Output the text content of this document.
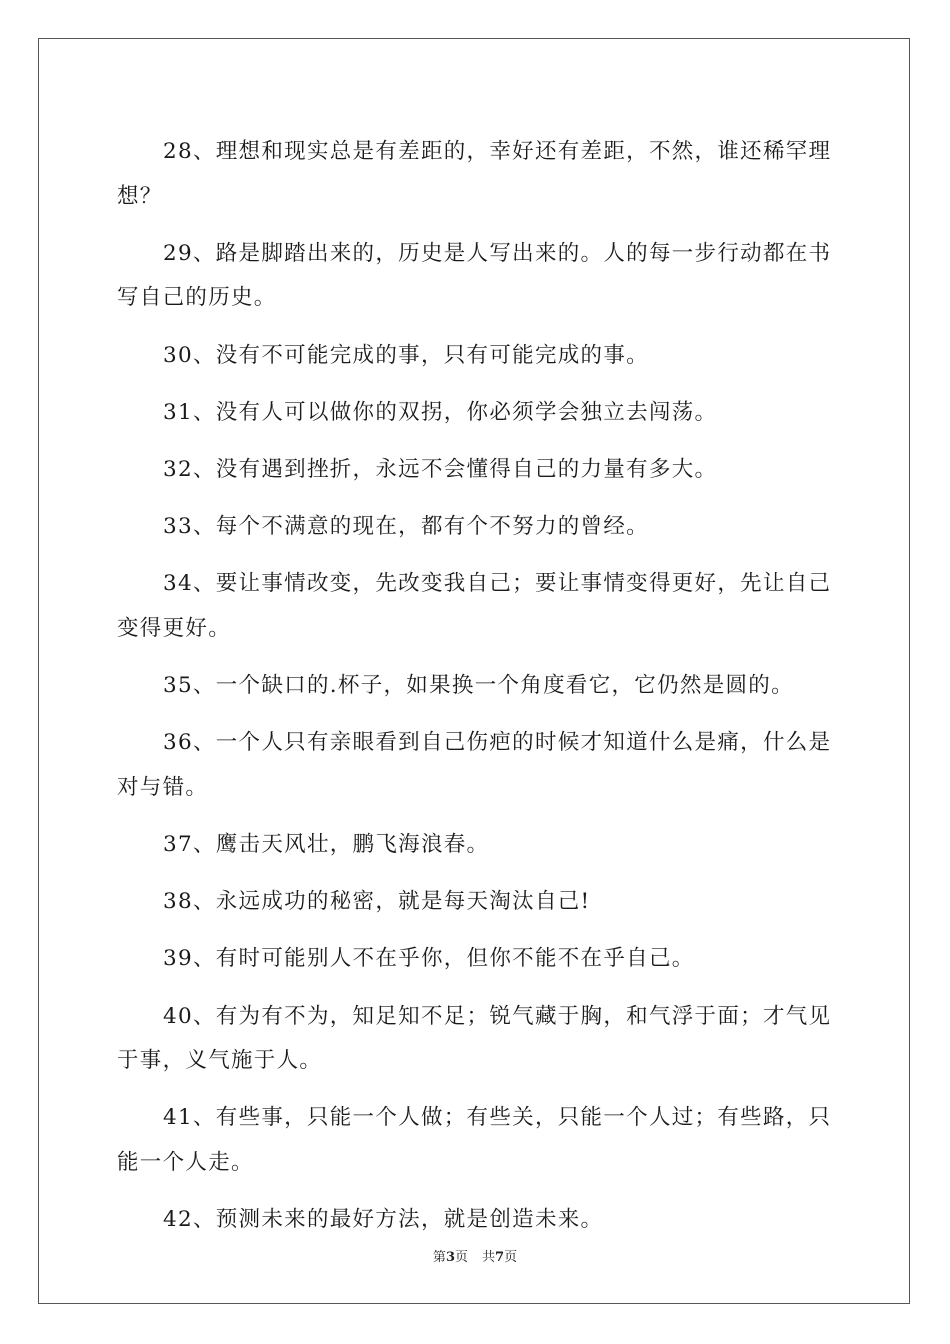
28、理想和现实总是有差距的，幸好还有差距，不然，谁还稀罕理想？

29、路是脚踏出来的，历史是人写出来的。人的每一步行动都在书写自己的历史。

30、没有不可能完成的事，只有可能完成的事。

31、没有人可以做你的双拐，你必须学会独立去闯荡。

32、没有遇到挫折，永远不会懂得自己的力量有多大。

33、每个不满意的现在，都有个不努力的曾经。

34、要让事情改变，先改变我自己；要让事情变得更好，先让自己变得更好。

35、一个缺口的.杯子，如果换一个角度看它，它仍然是圆的。

36、一个人只有亲眼看到自己伤疤的时候才知道什么是痛，什么是对与错。

37、鹰击天风壮，鹏飞海浪春。

38、永远成功的秘密，就是每天淘汰自己!

39、有时可能别人不在乎你，但你不能不在乎自己。

40、有为有不为，知足知不足；锐气藏于胸，和气浮于面；才气见于事，义气施于人。

41、有些事，只能一个人做；有些关，只能一个人过；有些路，只能一个人走。

42、预测未来的最好方法，就是创造未来。

第3页 共7页
